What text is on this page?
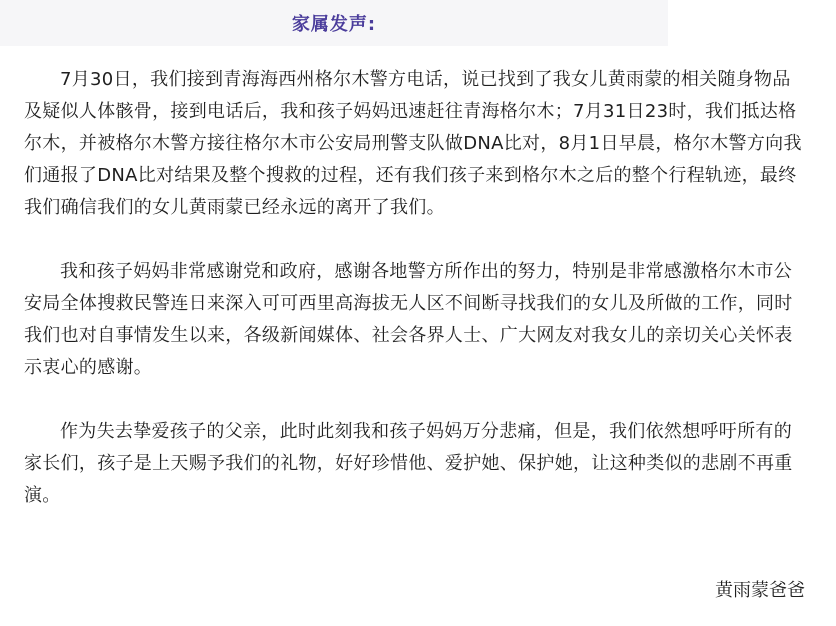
家属发声:

7月30日，我们接到青海海西州格尔木警方电话，说已找到了我女儿黄雨蒙的相关随身物品及疑似人体骸骨，接到电话后，我和孩子妈妈迅速赶往青海格尔木；7月31日23时，我们抵达格尔木，并被格尔木警方接往格尔木市公安局刑警支队做DNA比对，8月1日早晨，格尔木警方向我们通报了DNA比对结果及整个搜救的过程，还有我们孩子来到格尔木之后的整个行程轨迹，最终我们确信我们的女儿黄雨蒙已经永远的离开了我们。

我和孩子妈妈非常感谢党和政府，感谢各地警方所作出的努力，特别是非常感激格尔木市公安局全体搜救民警连日来深入可可西里高海拔无人区不间断寻找我们的女儿及所做的工作，同时我们也对自事情发生以来，各级新闻媒体、社会各界人士、广大网友对我女儿的亲切关心关怀表示衷心的感谢。

作为失去挚爱孩子的父亲，此时此刻我和孩子妈妈万分悲痛，但是，我们依然想呼吁所有的家长们，孩子是上天赐予我们的礼物，好好珍惜他、爱护她、保护她，让这种类似的悲剧不再重演。

黄雨蒙爸爸
